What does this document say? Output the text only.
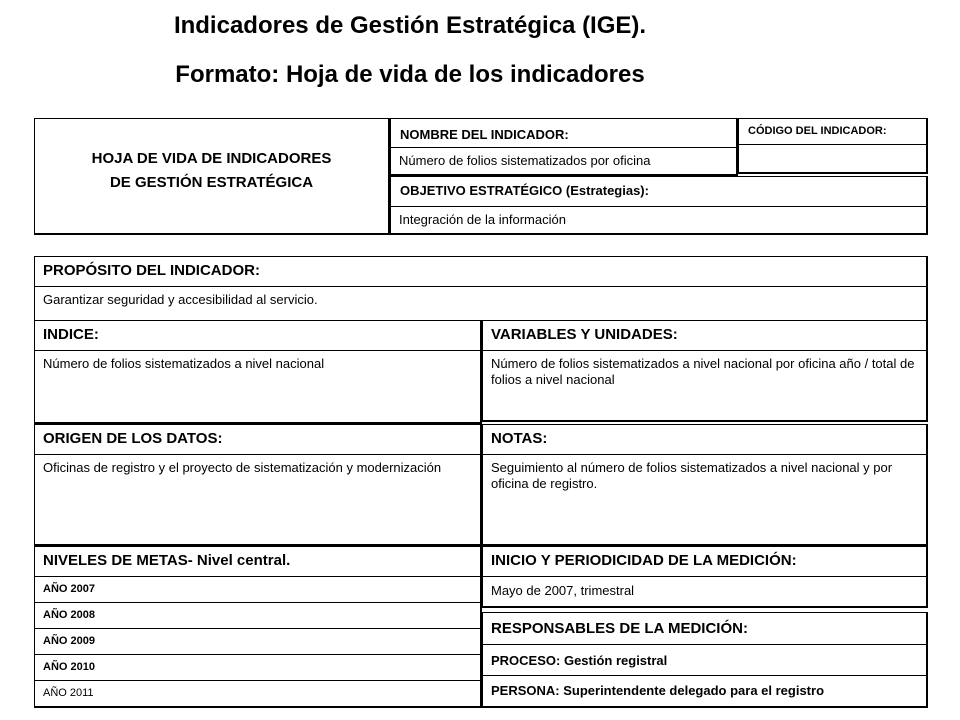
Indicadores de Gestión Estratégica (IGE).
Formato: Hoja de vida de los indicadores
HOJA DE VIDA DE INDICADORES
DE GESTIÓN ESTRATÉGICA
NOMBRE DEL INDICADOR:
Número de folios sistematizados por oficina
CÓDIGO DEL INDICADOR:
OBJETIVO ESTRATÉGICO (Estrategias):
Integración de la información
PROPÓSITO DEL INDICADOR:
Garantizar seguridad y accesibilidad al servicio.
INDICE:
Número de folios sistematizados a nivel nacional
VARIABLES Y UNIDADES:
Número de folios sistematizados a nivel nacional por oficina año / total de folios a nivel nacional
ORIGEN DE LOS DATOS:
Oficinas de registro y el proyecto de sistematización y modernización
NOTAS:
Seguimiento al número de folios sistematizados a nivel nacional y por oficina de registro.
NIVELES DE METAS- Nivel central.
AÑO 2007
AÑO 2008
AÑO 2009
AÑO 2010
AÑO 2011
INICIO Y PERIODICIDAD DE LA MEDICIÓN:
Mayo de 2007, trimestral
RESPONSABLES DE LA MEDICIÓN:
PROCESO: Gestión registral
PERSONA: Superintendente delegado para el registro
